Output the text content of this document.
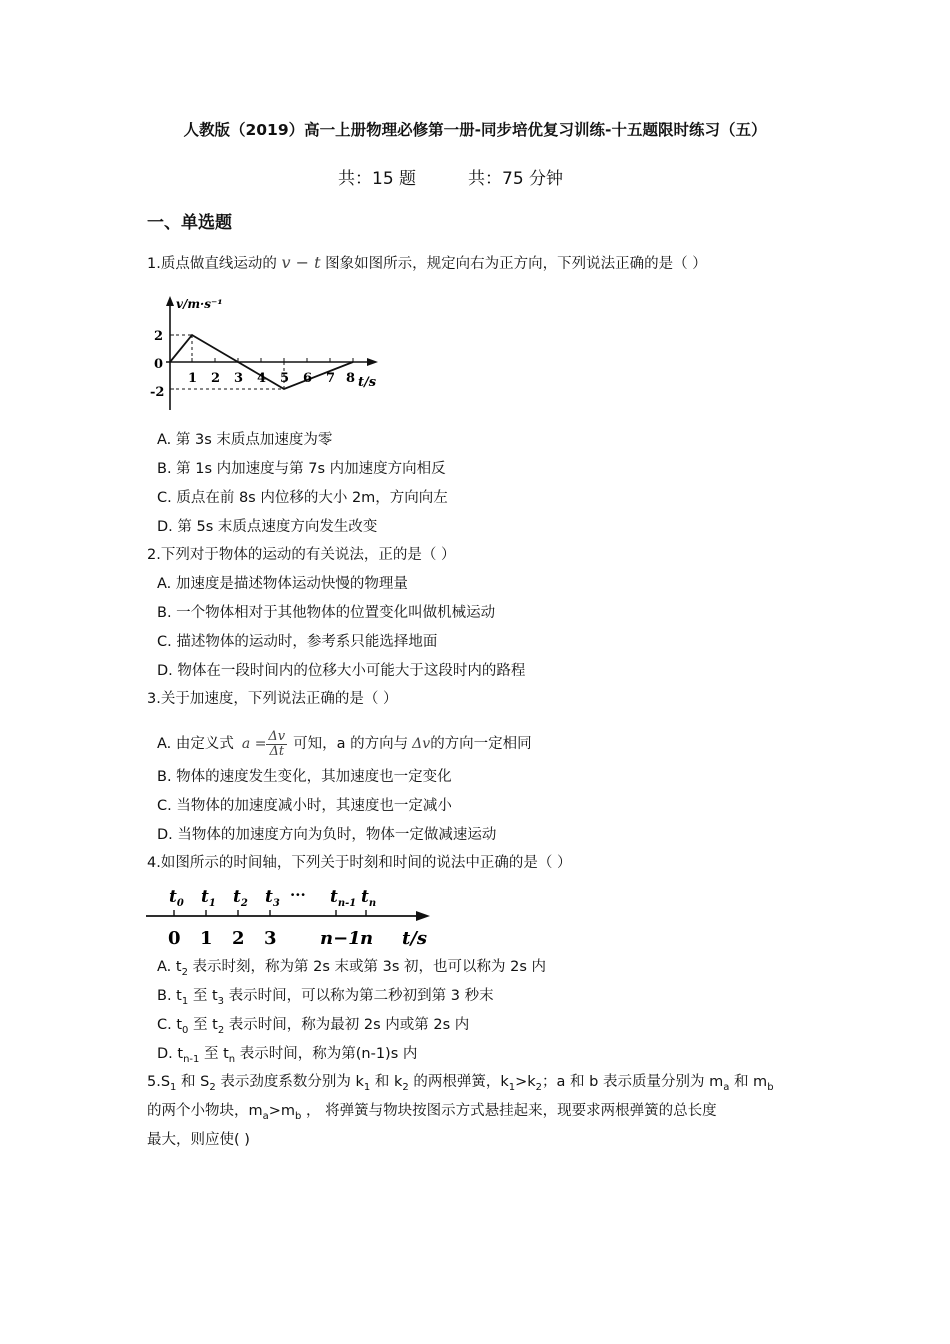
人教版（2019）高一上册物理必修第一册-同步培优复习训练-十五题限时练习（五）
共：15 题	共：75 分钟
一、单选题
1.质点做直线运动的 v − t 图象如图所示，规定向右为正方向，下列说法正确的是（ ）
v/m·s⁻¹
2
0
-2
1 2 3 4 5 6 7 8 t/s
A. 第 3s 末质点加速度为零
B. 第 1s 内加速度与第 7s 内加速度方向相反
C. 质点在前 8s 内位移的大小 2m，方向向左
D. 第 5s 末质点速度方向发生改变
2.下列对于物体的运动的有关说法，正的是（ ）
A. 加速度是描述物体运动快慢的物理量
B. 一个物体相对于其他物体的位置变化叫做机械运动
C. 描述物体的运动时，参考系只能选择地面
D. 物体在一段时间内的位移大小可能大于这段时内的路程
3.关于加速度，下列说法正确的是（ ）
A. 由定义式 $a = \frac{\Delta v}{\Delta t}$ 可知，a 的方向与 Δv 的方向一定相同
B. 物体的速度发生变化，其加速度也一定变化
C. 当物体的加速度减小时，其速度也一定减小
D. 当物体的加速度方向为负时，物体一定做减速运动
4.如图所示的时间轴，下列关于时刻和时间的说法中正确的是（ ）
$t_0$ $t_1$ $t_2$ $t_3$ ··· $t_{n-1}$ $t_n$
0 1 2 3 n−1 n t/s
A. $t_2$ 表示时刻，称为第 2s 末或第 3s 初，也可以称为 2s 内
B. $t_1$ 至 $t_3$ 表示时间，可以称为第二秒初到第 3 秒末
C. $t_0$ 至 $t_2$ 表示时间，称为最初 2s 内或第 2s 内
D. $t_{n-1}$ 至 $t_n$ 表示时间，称为第(n-1)s 内
$5.S_1$ 和 $S_2$ 表示劲度系数分别为 $k_1$ 和 $k_2$ 的两根弹簧，$k_1>k_2$；a 和 b 表示质量分别为 $m_a$ 和 $m_b$
的两个小物块，$m_a>m_b$ ， 将弹簧与物块按图示方式悬挂起来，现要求两根弹簧的总长度
最大，则应使( )
